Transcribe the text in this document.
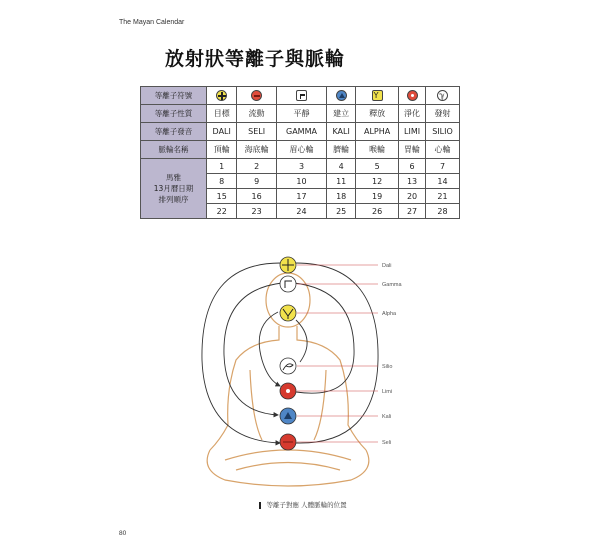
The Mayan Calendar
放射狀等離子與脈輪
等離子符號					Y		ℽ

等離子性質	目標	流動	平靜	建立	釋放	淨化	發射
等離子發音	DALI	SELI	GAMMA	KALI	ALPHA	LIMI	SILIO
脈輪名稱	頂輪	海底輪	眉心輪	臍輪	喉輪	胃輪	心輪
馬雅
13月曆日期
排列順序	1	2	3	4	5	6	7
	8	9	10	11	12	13	14
	15	16	17	18	19	20	21
	22	23	24	25	26	27	28
Dali
Gamma
Alpha
Silio
Limi
Kali
Seli
等離子對應 人體脈輪的位置
80
